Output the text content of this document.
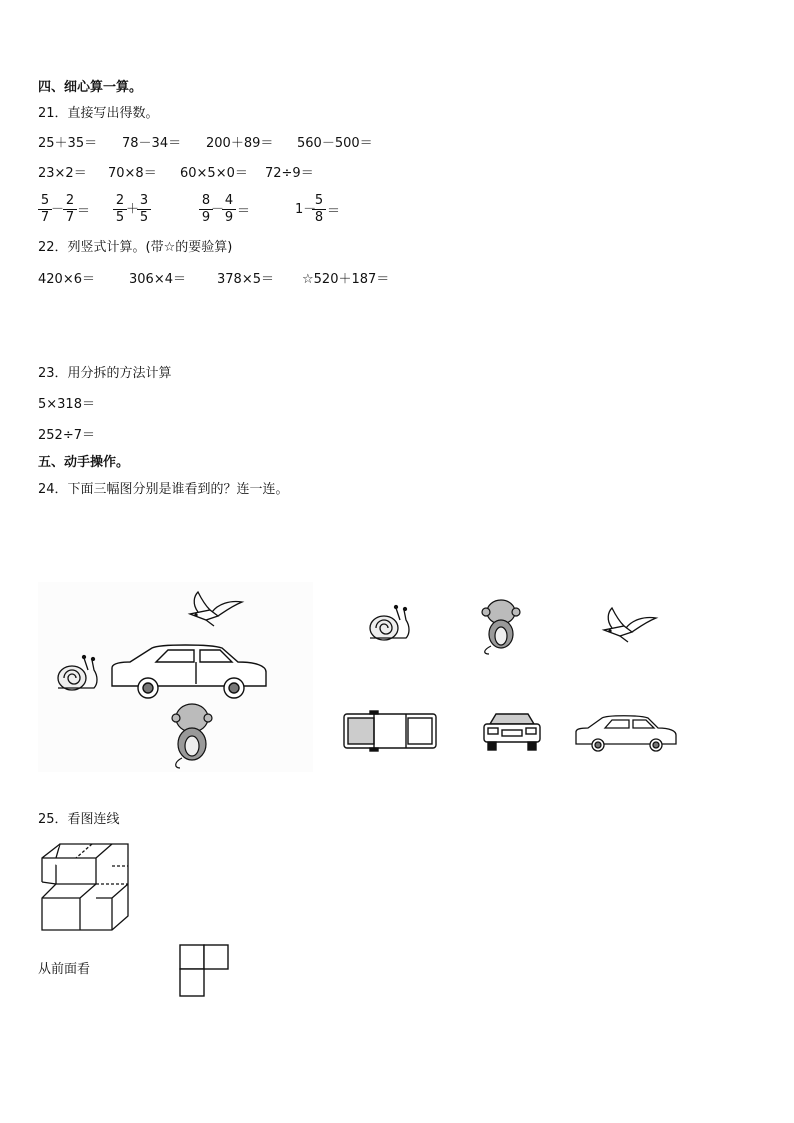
四、细心算一算。
21．直接写出得数。
25＋35＝ 78－34＝ 200＋89＝ 560－500＝
23×2＝ 70×8＝ 60×5×0＝ 72÷9＝
5
7
－
2
7 ＝
2
5
＋
3
5
8
9
－
4
9 ＝	1－
5
8 ＝
22．列竖式计算。(带☆的要验算)
420×6＝	306×4＝ 378×5＝ ☆520＋187＝
23．用分拆的方法计算
5×318＝
252÷7＝
五、动手操作。
24．下面三幅图分别是谁看到的？连一连。
25．看图连线
从前面看
